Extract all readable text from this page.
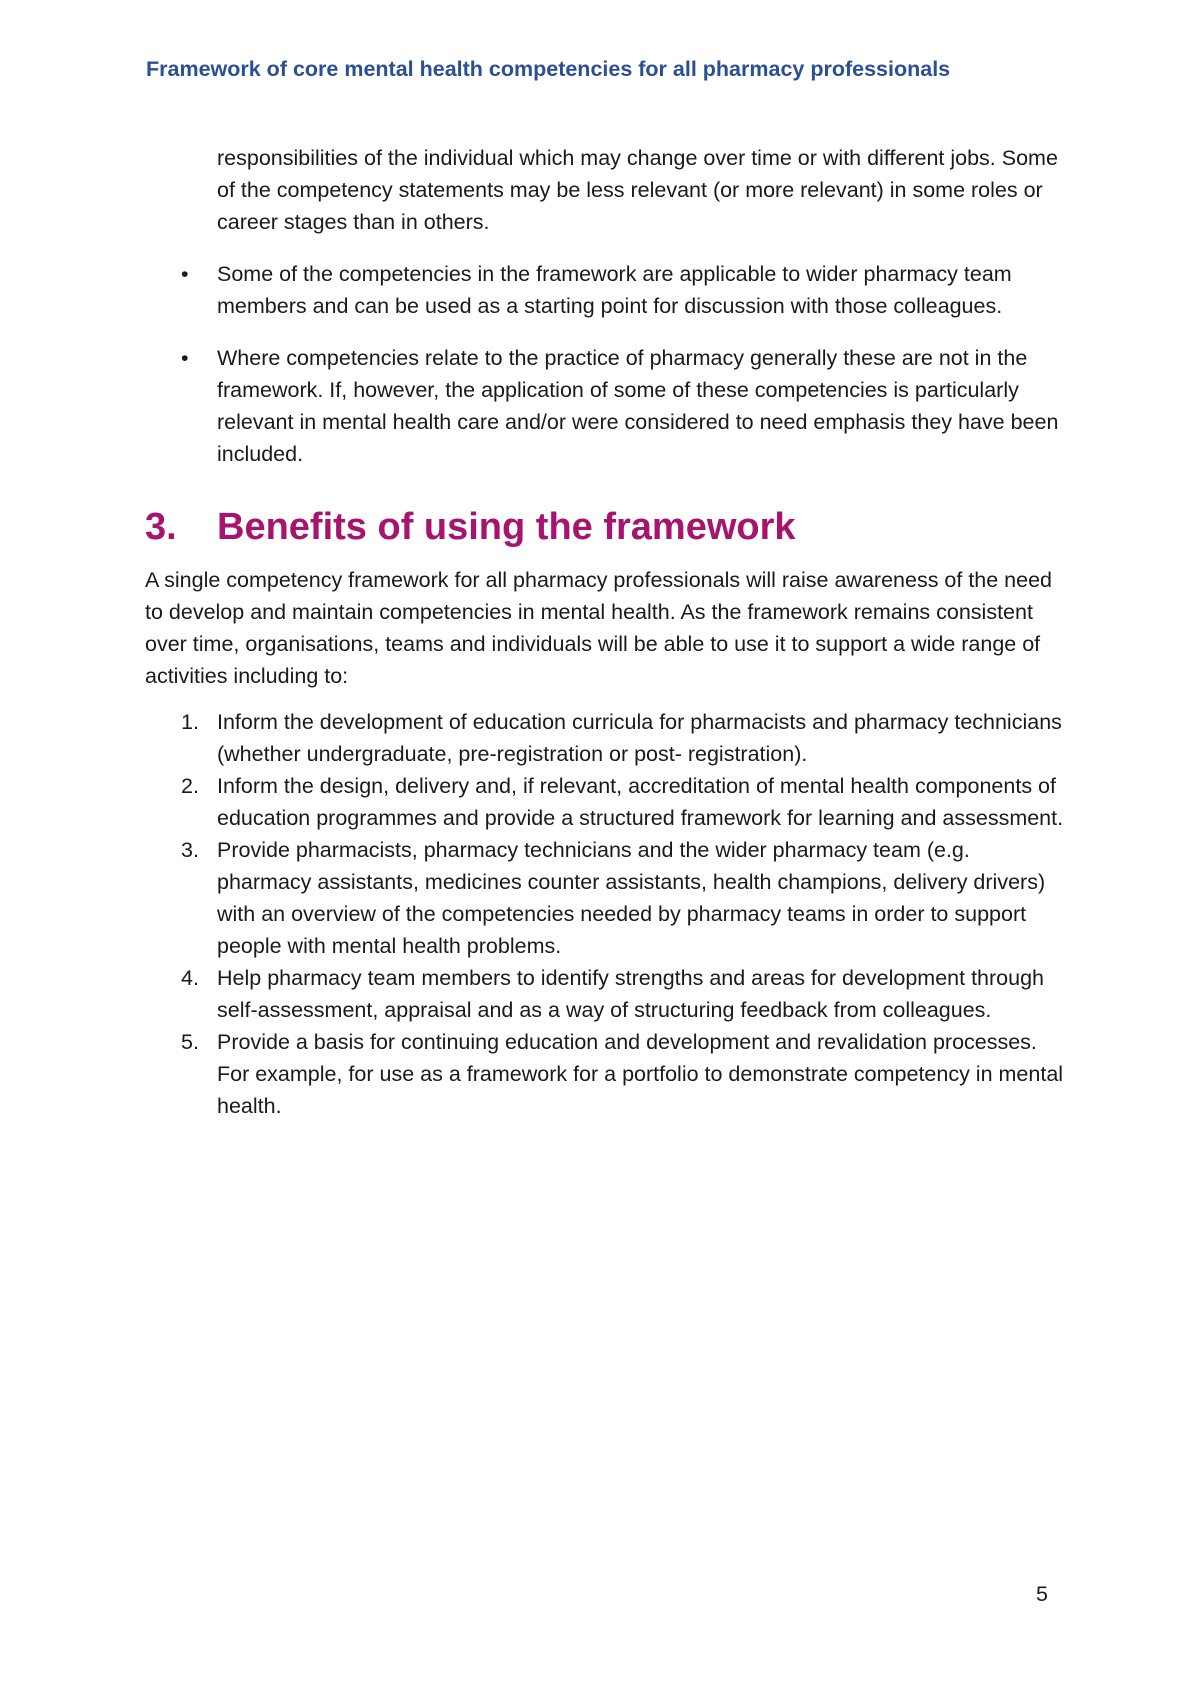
Framework of core mental health competencies for all pharmacy professionals

responsibilities of the individual which may change over time or with different jobs. Some of the competency statements may be less relevant (or more relevant) in some roles or career stages than in others.

•	Some of the competencies in the framework are applicable to wider pharmacy team members and can be used as a starting point for discussion with those colleagues.
•	Where competencies relate to the practice of pharmacy generally these are not in the framework. If, however, the application of some of these competencies is particularly relevant in mental health care and/or were considered to need emphasis they have been included.
3.	Benefits of using the framework

A single competency framework for all pharmacy professionals will raise awareness of the need to develop and maintain competencies in mental health. As the framework remains consistent over time, organisations, teams and individuals will be able to use it to support a wide range of activities including to:

1. Inform the development of education curricula for pharmacists and pharmacy technicians (whether undergraduate, pre-registration or post- registration).
2. Inform the design, delivery and, if relevant, accreditation of mental health components of education programmes and provide a structured framework for learning and assessment.
3. Provide pharmacists, pharmacy technicians and the wider pharmacy team (e.g. pharmacy assistants, medicines counter assistants, health champions, delivery drivers) with an overview of the competencies needed by pharmacy teams in order to support people with mental health problems.
4. Help pharmacy team members to identify strengths and areas for development through self-assessment, appraisal and as a way of structuring feedback from colleagues.
5. Provide a basis for continuing education and development and revalidation processes. For example, for use as a framework for a portfolio to demonstrate competency in mental health.
5
